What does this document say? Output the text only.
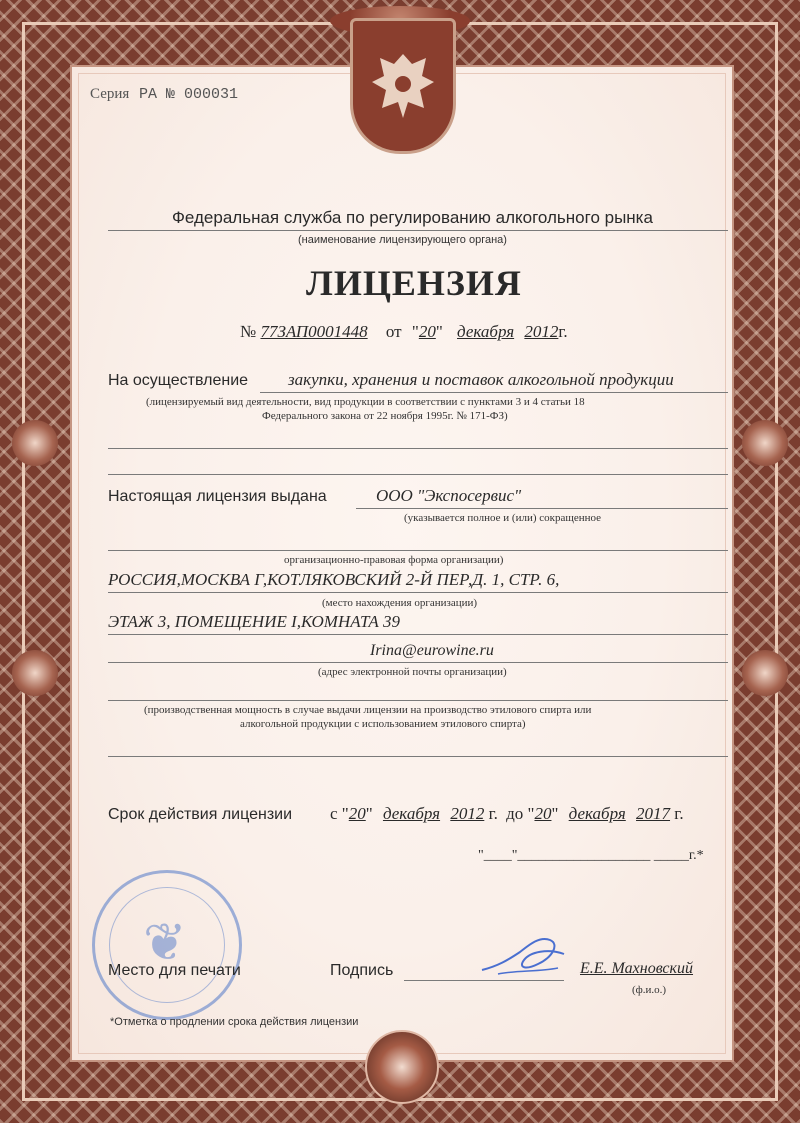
Серия РА № 000031
Федеральная служба по регулированию алкогольного рынка
(наименование лицензирующего органа)
ЛИЦЕНЗИЯ
№ 77ЗАП0001448 от "20" декабря 2012г.
На осуществление закупки, хранения и поставок алкогольной продукции
(лицензируемый вид деятельности, вид продукции в соответствии с пунктами 3 и 4 статьи 18
Федерального закона от 22 ноября 1995г. № 171-ФЗ)
Настоящая лицензия выдана	ООО "Экспосервис"
(указывается полное и (или) сокращенное
организационно-правовая форма организации)
РОССИЯ,МОСКВА Г,КОТЛЯКОВСКИЙ 2-Й ПЕР,Д. 1, СТР. 6,
(место нахождения организации)
ЭТАЖ 3, ПОМЕЩЕНИЕ I,КОМНАТА 39
Irina@eurowine.ru
(адрес электронной почты организации)
(производственная мощность в случае выдачи лицензии на производство этилового спирта или
алкогольной продукции с использованием этилового спирта)
Срок действия лицензии с "20" декабря 2012 г. до "20" декабря 2017 г.
"____"___________________ _____г.*
❦
Место для печати	Подпись	Е.Е. Махновский
(ф.и.о.)
*Отметка о продлении срока действия лицензии
